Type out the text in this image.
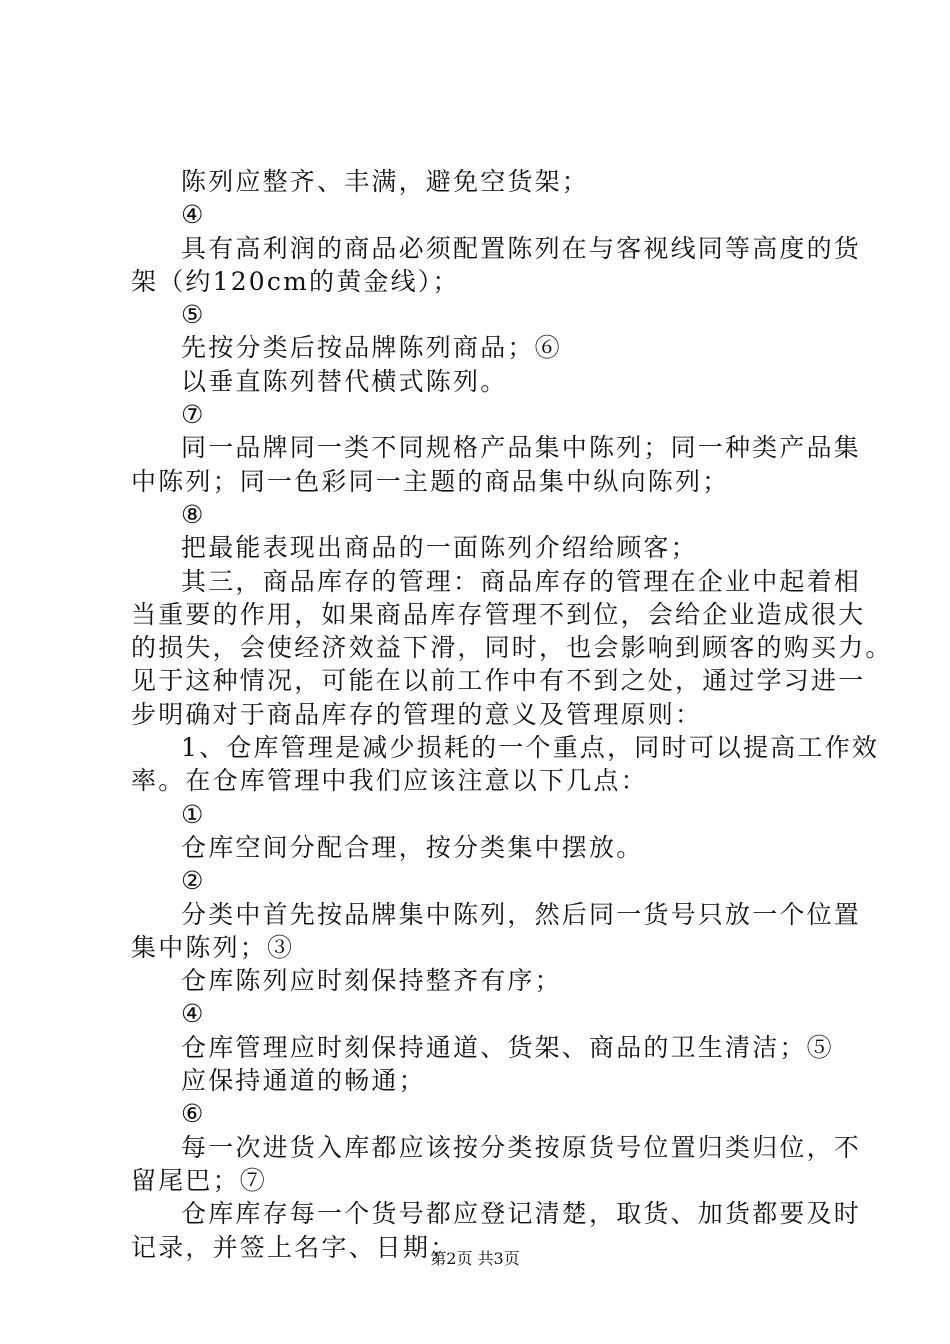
陈列应整齐、丰满，避免空货架；
④
具有高利润的商品必须配置陈列在与客视线同等高度的货
架（约120cm的黄金线）；
⑤
先按分类后按品牌陈列商品；⑥
以垂直陈列替代横式陈列。
⑦
同一品牌同一类不同规格产品集中陈列；同一种类产品集
中陈列；同一色彩同一主题的商品集中纵向陈列；
⑧
把最能表现出商品的一面陈列介绍给顾客；
其三，商品库存的管理：商品库存的管理在企业中起着相
当重要的作用，如果商品库存管理不到位，会给企业造成很大
的损失，会使经济效益下滑，同时，也会影响到顾客的购买力。
见于这种情况，可能在以前工作中有不到之处，通过学习进一
步明确对于商品库存的管理的意义及管理原则：
1、仓库管理是减少损耗的一个重点，同时可以提高工作效
率。在仓库管理中我们应该注意以下几点：
①
仓库空间分配合理，按分类集中摆放。
②
分类中首先按品牌集中陈列，然后同一货号只放一个位置
集中陈列；③
仓库陈列应时刻保持整齐有序；
④
仓库管理应时刻保持通道、货架、商品的卫生清洁；⑤
应保持通道的畅通；
⑥
每一次进货入库都应该按分类按原货号位置归类归位，不
留尾巴；⑦
仓库库存每一个货号都应登记清楚，取货、加货都要及时
记录，并签上名字、日期；
第2页 共3页
